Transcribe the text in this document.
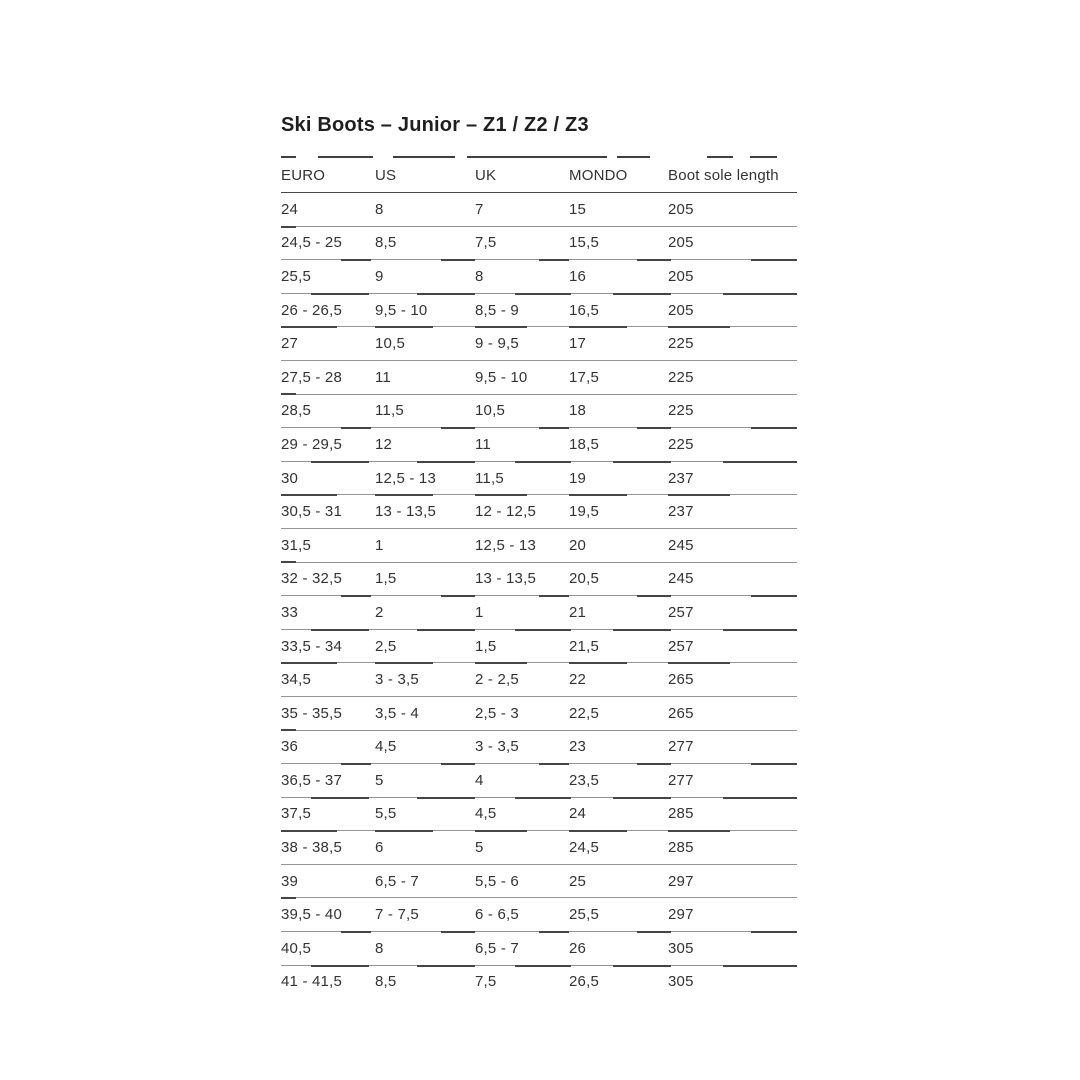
Ski Boots – Junior – Z1 / Z2 / Z3
EURO	US	UK	MONDO	Boot sole length
24	8	7	15	205
24,5 - 25	8,5	7,5	15,5	205
25,5	9	8	16	205
26 - 26,5	9,5 - 10	8,5 - 9	16,5	205
27	10,5	9 - 9,5	17	225
27,5 - 28	11	9,5 - 10	17,5	225
28,5	11,5	10,5	18	225
29 - 29,5	12	11	18,5	225
30	12,5 - 13	11,5	19	237
30,5 - 31	13 - 13,5	12 - 12,5	19,5	237
31,5	1	12,5 - 13	20	245
32 - 32,5	1,5	13 - 13,5	20,5	245
33	2	1	21	257
33,5 - 34	2,5	1,5	21,5	257
34,5	3 - 3,5	2 - 2,5	22	265
35 - 35,5	3,5 - 4	2,5 - 3	22,5	265
36	4,5	3 - 3,5	23	277
36,5 - 37	5	4	23,5	277
37,5	5,5	4,5	24	285
38 - 38,5	6	5	24,5	285
39	6,5 - 7	5,5 - 6	25	297
39,5 - 40	7 - 7,5	6 - 6,5	25,5	297
40,5	8	6,5 - 7	26	305
41 - 41,5	8,5	7,5	26,5	305
